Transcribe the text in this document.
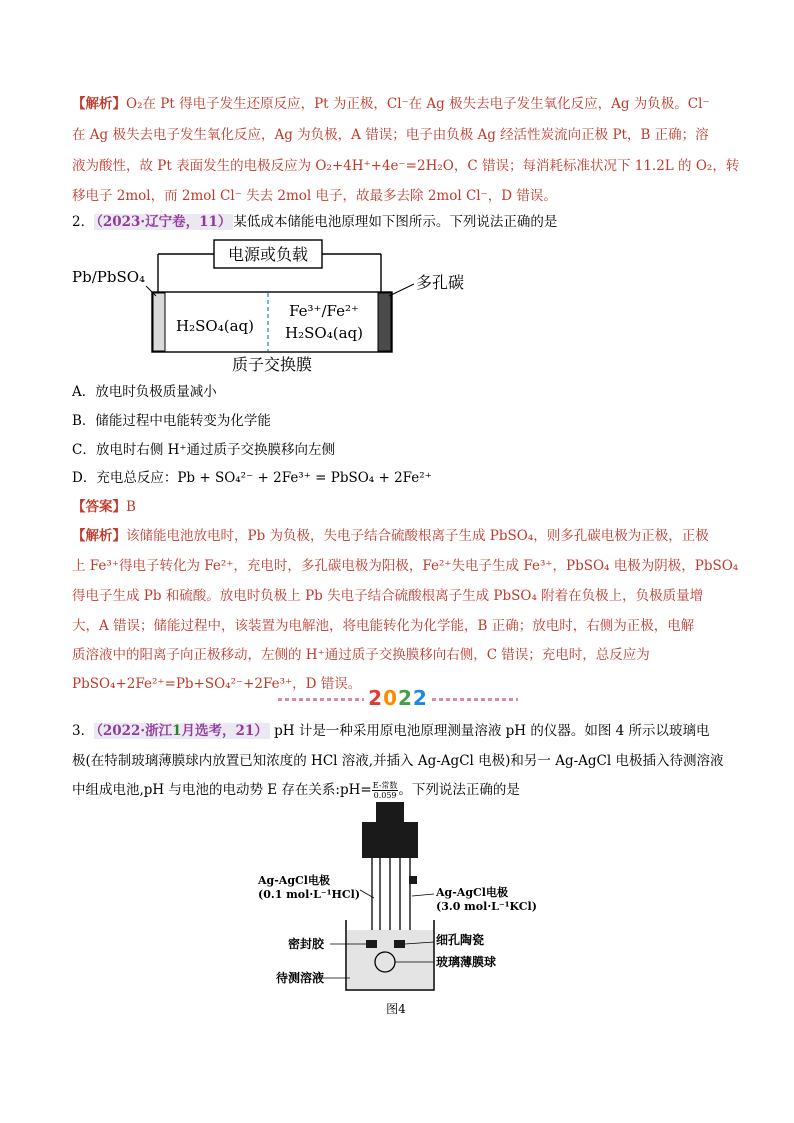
【解析】O₂在 Pt 得电子发生还原反应，Pt 为正极，Cl⁻在 Ag 极失去电子发生氧化反应，Ag 为负极。Cl⁻
在 Ag 极失去电子发生氧化反应，Ag 为负极，A 错误；电子由负极 Ag 经活性炭流向正极 Pt，B 正确；溶
液为酸性，故 Pt 表面发生的电极反应为 O₂+4H⁺+4e⁻=2H₂O，C 错误；每消耗标准状况下 11.2L 的 O₂，转
移电子 2mol，而 2mol Cl⁻ 失去 2mol 电子，故最多去除 2mol Cl⁻，D 错误。
2． （2023·辽宁卷，11） 某低成本储能电池原理如下图所示。下列说法正确的是
电源或负载
Pb/PbSO₄	多孔碳
H₂SO₄(aq)
Fe³⁺/Fe²⁺
H₂SO₄(aq)
质子交换膜
A．放电时负极质量减小
B．储能过程中电能转变为化学能
C．放电时右侧 H⁺通过质子交换膜移向左侧
D．充电总反应：Pb + SO₄²⁻ + 2Fe³⁺ = PbSO₄ + 2Fe²⁺
【答案】B
【解析】该储能电池放电时，Pb 为负极，失电子结合硫酸根离子生成 PbSO₄，则多孔碳电极为正极，正极
上 Fe³⁺得电子转化为 Fe²⁺，充电时，多孔碳电极为阳极，Fe²⁺失电子生成 Fe³⁺，PbSO₄ 电极为阴极，PbSO₄
得电子生成 Pb 和硫酸。放电时负极上 Pb 失电子结合硫酸根离子生成 PbSO₄ 附着在负极上，负极质量增
大，A 错误；储能过程中，该装置为电解池，将电能转化为化学能，B 正确；放电时，右侧为正极，电解
质溶液中的阳离子向正极移动，左侧的 H⁺通过质子交换膜移向右侧，C 错误；充电时，总反应为
PbSO₄+2Fe²⁺=Pb+SO₄²⁻+2Fe³⁺，D 错误。
2022
3． （2022·浙江1月选考，21） pH 计是一种采用原电池原理测量溶液 pH 的仪器。如图 4 所示以玻璃电
极(在特制玻璃薄膜球内放置已知浓度的 HCl 溶液,并插入 Ag-AgCl 电极)和另一 Ag-AgCl 电极插入待测溶液
中组成电池,pH 与电池的电动势 E 存在关系:pH= $\frac{\text{E-常数}}{0.059}$ 。下列说法正确的是
Ag-AgCl电极
(0.1 mol·L⁻¹HCl)	Ag-AgCl电极
(3.0 mol·L⁻¹KCl)
密封胶	细孔陶瓷
玻璃薄膜球
待测溶液
图4
